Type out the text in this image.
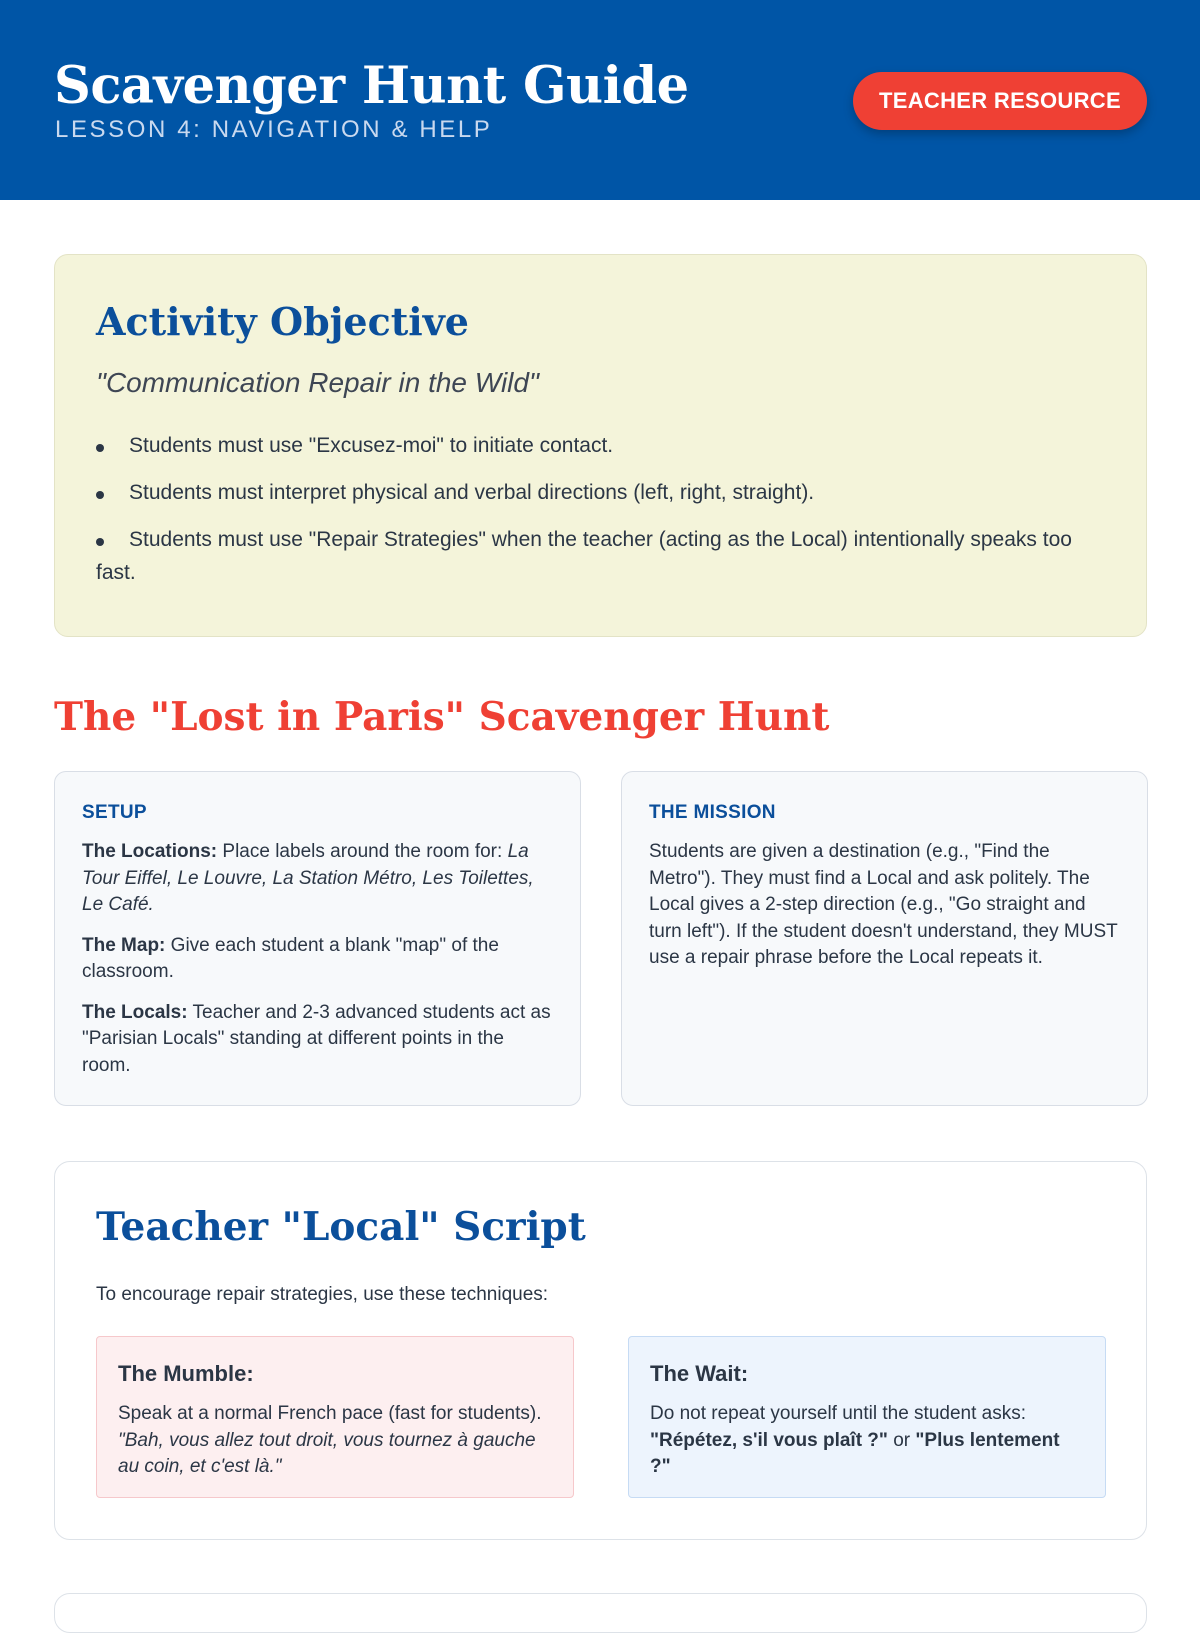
Scavenger Hunt Guide
LESSON 4: NAVIGATION & HELP
TEACHER RESOURCE
Activity Objective
"Communication Repair in the Wild"
Students must use "Excusez-moi" to initiate contact.
Students must interpret physical and verbal directions (left, right, straight).
Students must use "Repair Strategies" when the teacher (acting as the Local) intentionally speaks too fast.
The "Lost in Paris" Scavenger Hunt
SETUP

The Locations: Place labels around the room for: La Tour Eiffel, Le Louvre, La Station Métro, Les Toilettes, Le Café.

The Map: Give each student a blank "map" of the classroom.

The Locals: Teacher and 2-3 advanced students act as "Parisian Locals" standing at different points in the room.

THE MISSION

Students are given a destination (e.g., "Find the Metro"). They must find a Local and ask politely. The Local gives a 2-step direction (e.g., "Go straight and turn left"). If the student doesn't understand, they MUST use a repair phrase before the Local repeats it.

Teacher "Local" Script
To encourage repair strategies, use these techniques:
The Mumble:
Speak at a normal French pace (fast for students). "Bah, vous allez tout droit, vous tournez à gauche au coin, et c'est là."
The Wait:
Do not repeat yourself until the student asks: "Répétez, s'il vous plaît ?" or "Plus lentement ?"
